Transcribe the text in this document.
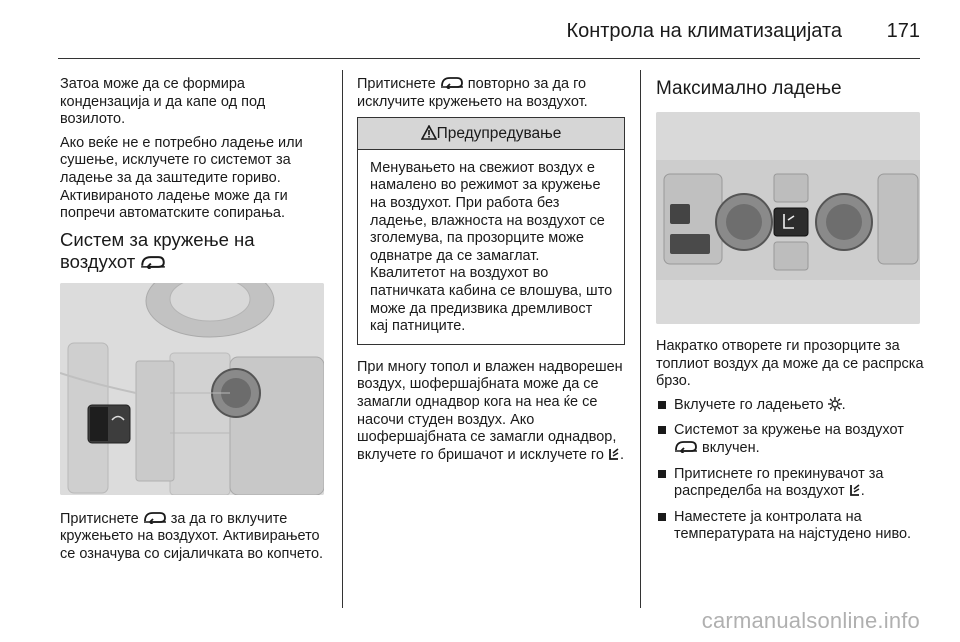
Контрола на климатизацијата 171

Затоа може да се формира кондензација и да капе од под возилото.

Ако веќе не е потребно ладење или сушење, исклучете го системот за ладење за да заштедите гориво. Активираното ладење може да ги попречи автоматските сопирања.

Систем за кружење на воздухот

Притиснете за да го вклучите кружењето на воздухот. Активирањето се означува со сијаличката во копчето.

Притиснете повторно за да го исклучите кружењето на воздухот.

Предупредување
Менувањето на свежиот воздух е намалено во режимот за кружење на воздухот. При работа без ладење, влажноста на воздухот се зголемува, па прозорците може одвнатре да се замаглат. Квалитетот на воздухот во патничката кабина се влошува, што може да предизвика дремливост кај патниците.

При многу топол и влажен надворешен воздух, шофершајбната може да се замагли однадвор кога на неа ќе се насочи студен воздух. Ако шофершајбната се замагли однадвор, вклучете го бришачот и исклучете го .

Максимално ладење

Накратко отворете ги прозорците за топлиот воздух да може да се распрска брзо.

Вклучете го ладењето .
Системот за кружење на воздухот  вклучен.
Притиснете го прекинувачот за распределба на воздухот .
Наместете ја контролата на температурата на најстудено ниво.
carmanualsonline.info
